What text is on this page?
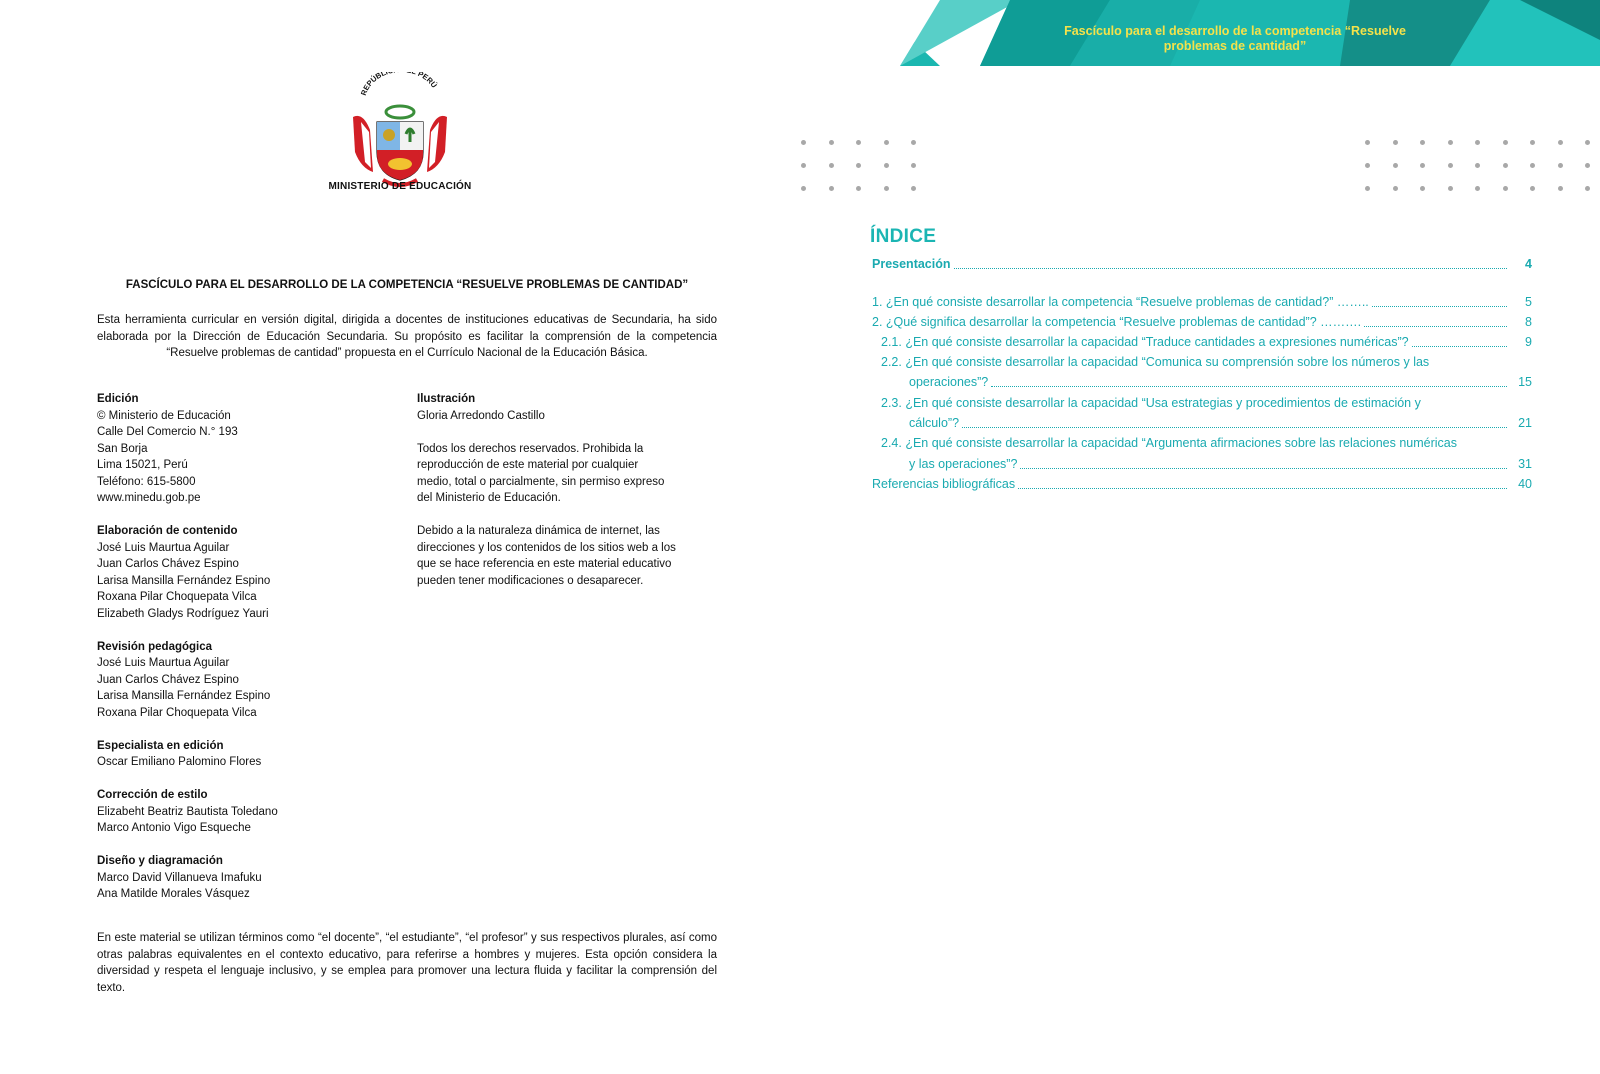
REPÚBL PERÚ
MINISTERIO DE EDUCACIÓN
FASCÍCULO PARA EL DESARROLLO DE LA COMPETENCIA “RESUELVE PROBLEMAS DE CANTIDAD”
Esta herramienta curricular en versión digital, dirigida a docentes de instituciones educativas de Secundaria, ha sido elaborada por la Dirección de Educación Secundaria. Su propósito es facilitar la comprensión de la competencia “Resuelve problemas de cantidad” propuesta en el Currículo Nacional de la Educación Básica.
Edición
© Ministerio de Educación
Calle Del Comercio N.° 193
San Borja
Lima 15021, Perú
Teléfono: 615-5800
www.minedu.gob.pe
Elaboración de contenido
José Luis Maurtua Aguilar
Juan Carlos Chávez Espino
Larisa Mansilla Fernández Espino
Roxana Pilar Choquepata Vilca
Elizabeth Gladys Rodríguez Yauri
Revisión pedagógica
José Luis Maurtua Aguilar
Juan Carlos Chávez Espino
Larisa Mansilla Fernández Espino
Roxana Pilar Choquepata Vilca
Especialista en edición
Oscar Emiliano Palomino Flores
Corrección de estilo
Elizabeht Beatriz Bautista Toledano
Marco Antonio Vigo Esqueche
Diseño y diagramación
Marco David Villanueva Imafuku
Ana Matilde Morales Vásquez
Ilustración
Gloria Arredondo Castillo
Todos los derechos reservados. Prohibida la
reproducción de este material por cualquier
medio, total o parcialmente, sin permiso expreso
del Ministerio de Educación.
Debido a la naturaleza dinámica de internet, las
direcciones y los contenidos de los sitios web a los
que se hace referencia en este material educativo
pueden tener modificaciones o desaparecer.
En este material se utilizan términos como “el docente”, “el estudiante”, “el profesor” y sus respectivos plurales, así como otras palabras equivalentes en el contexto educativo, para referirse a hombres y mujeres. Esta opción considera la diversidad y respeta el lenguaje inclusivo, y se emplea para promover una lectura fluida y facilitar la comprensión del texto.
Fascículo para el desarrollo de la competencia “Resuelve
problemas de cantidad”
ÍNDICE
Presentación	4
1. ¿En qué consiste desarrollar la competencia “Resuelve problemas de cantidad?” ……..	5
2. ¿Qué significa desarrollar la competencia “Resuelve problemas de cantidad”? ……….	8
2.1. ¿En qué consiste desarrollar la capacidad “Traduce cantidades a expresiones numéricas”?	9
2.2. ¿En qué consiste desarrollar la capacidad “Comunica su comprensión sobre los números y las
operaciones”?	15
2.3. ¿En qué consiste desarrollar la capacidad “Usa estrategias y procedimientos de estimación y
cálculo”?	21
2.4. ¿En qué consiste desarrollar la capacidad “Argumenta afirmaciones sobre las relaciones numéricas
y las operaciones”?	31
Referencias bibliográficas	40
